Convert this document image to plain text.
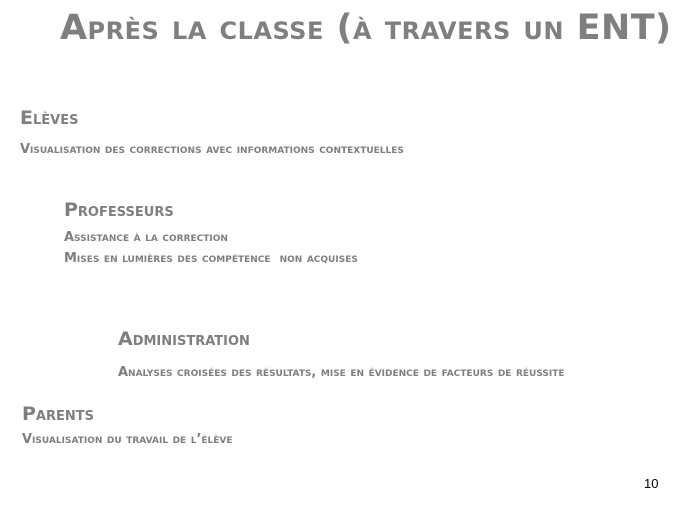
Après la classe (à travers un ENT)

Elèves

Visualisation des corrections avec informations contextuelles

Professeurs

Assistance à la correction

Mises en lumières des compétence  non acquises

Administration

Analyses croisées des résultats, mise en évidence de facteurs de réussite

Parents

Visualisation du travail de l’élève

10
